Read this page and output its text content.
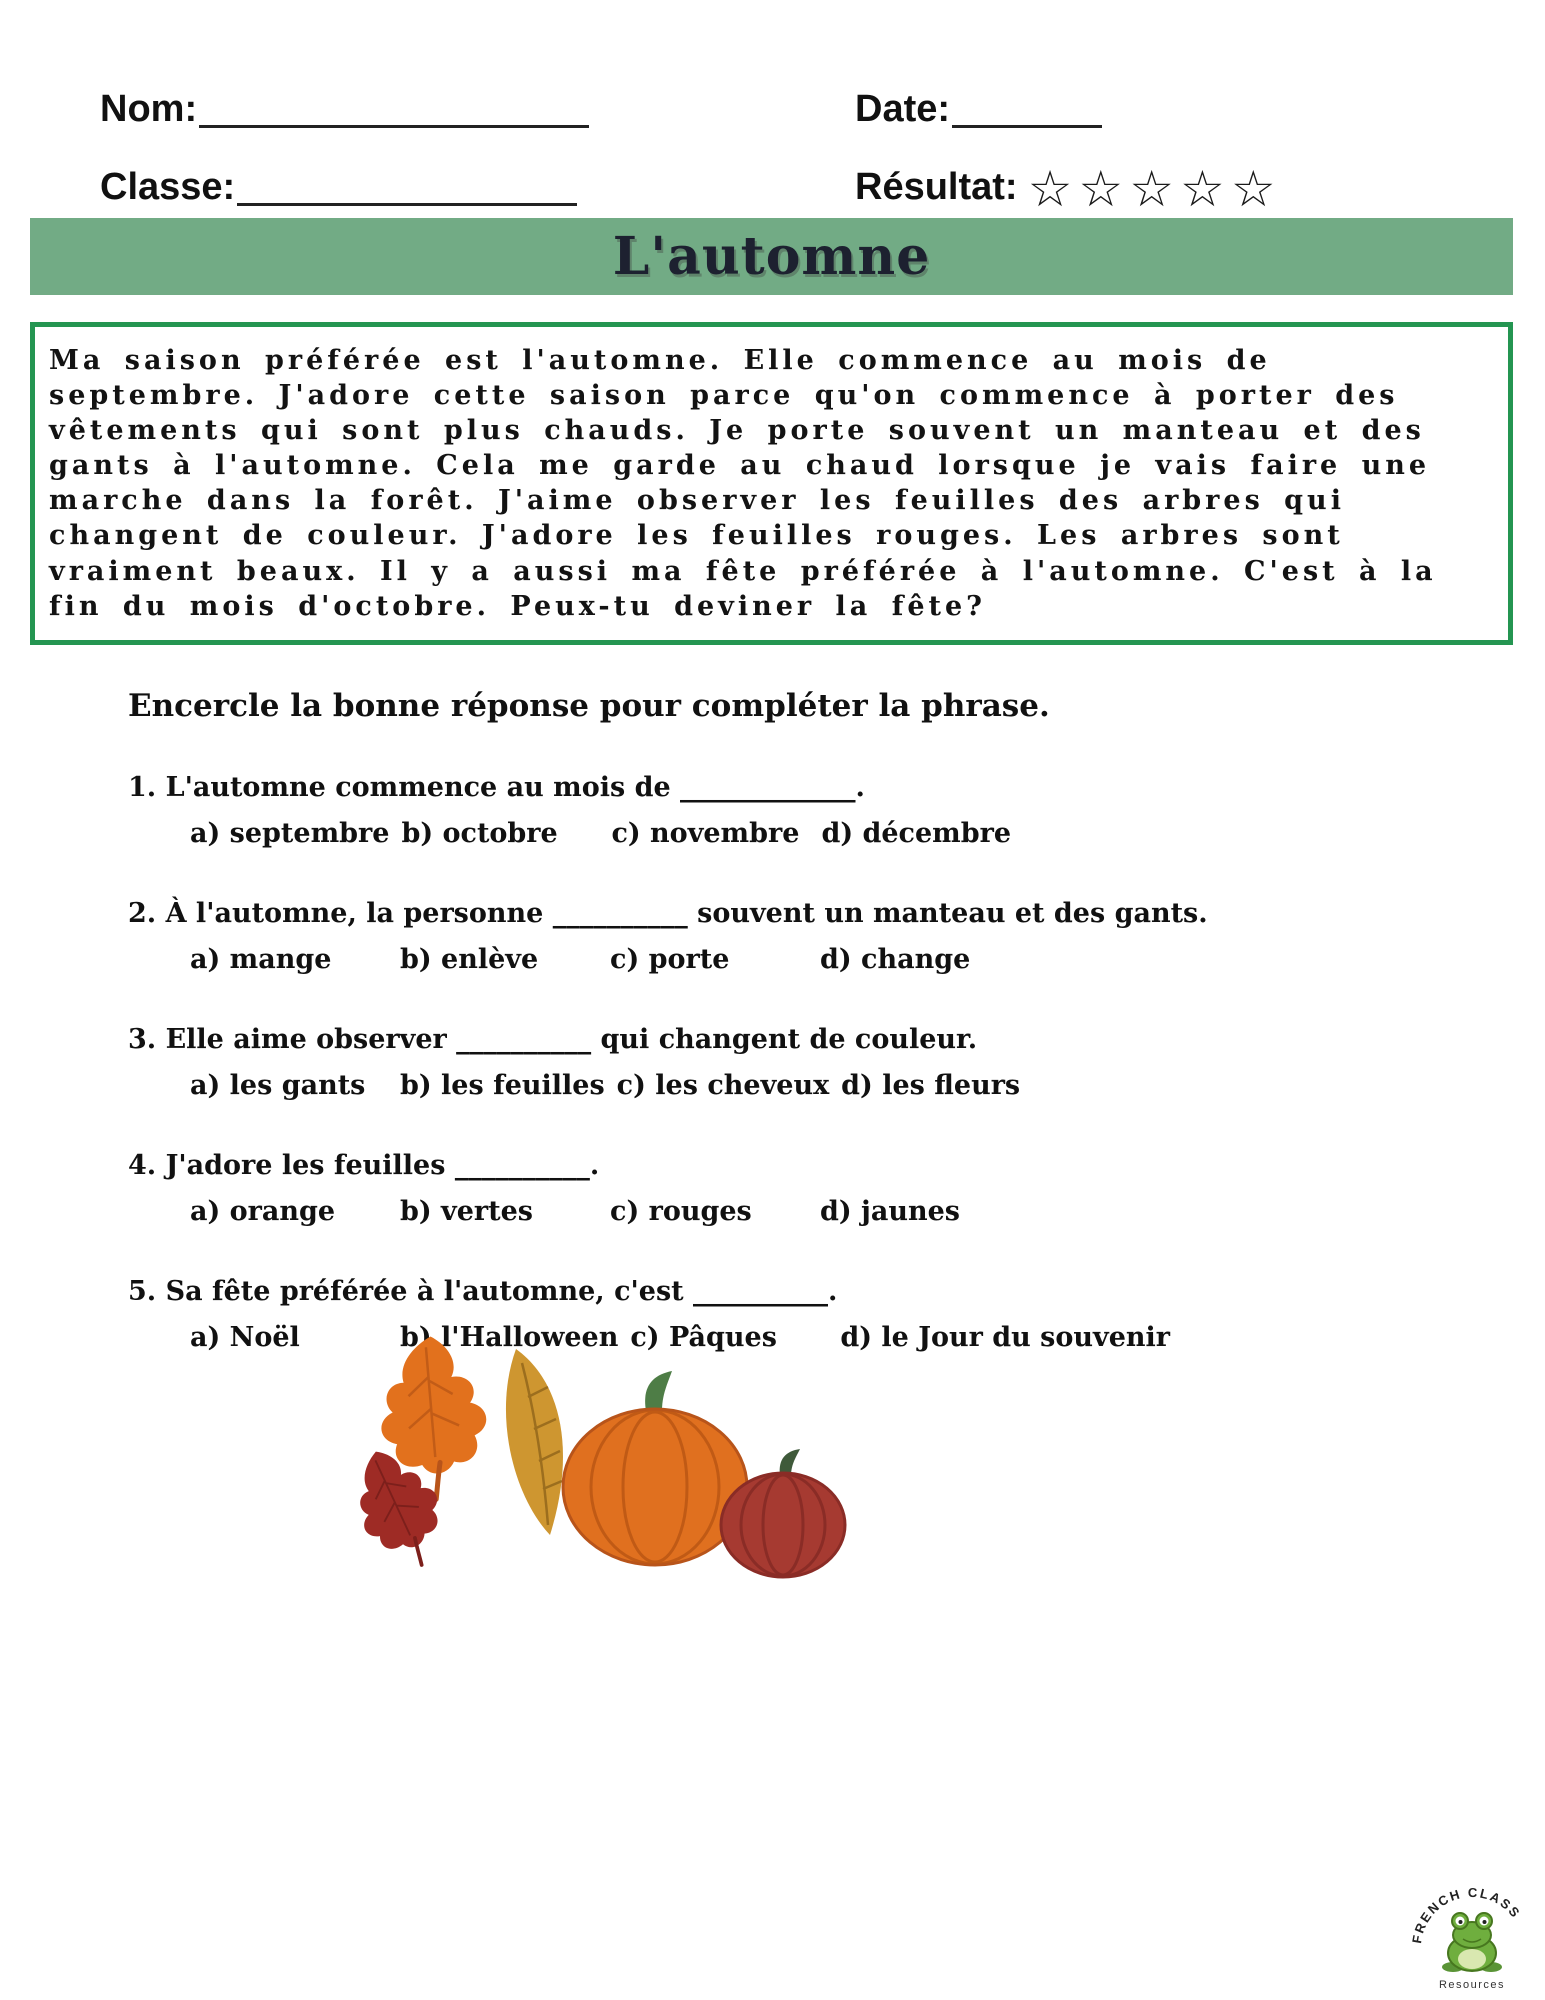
Nom:
Classe:
Date:
Résultat: ☆☆☆☆☆
L'automne

Ma saison préférée est l'automne. Elle commence au mois de septembre. J'adore cette saison parce qu'on commence à porter des vêtements qui sont plus chauds. Je porte souvent un manteau et des gants à l'automne. Cela me garde au chaud lorsque je vais faire une marche dans la forêt. J'aime observer les feuilles des arbres qui changent de couleur. J'adore les feuilles rouges. Les arbres sont vraiment beaux. Il y a aussi ma fête préférée à l'automne. C'est à la fin du mois d'octobre. Peux-tu deviner la fête?

Encercle la bonne réponse pour compléter la phrase.
1. L'automne commence au mois de _____________.
a) septembre b) octobre	c) novembre d) décembre
2. À l'automne, la personne __________ souvent un manteau et des gants.
a) mange	b) enlève	c) porte	d) change
3. Elle aime observer __________ qui changent de couleur.
a) les gants	b) les feuilles c) les cheveux d) les fleurs
4. J'adore les feuilles __________.
a) orange	b) vertes	c) rouges	d) jaunes
5. Sa fête préférée à l'automne, c'est __________.
a) Noël	b) l'Halloween c) Pâques	d) le Jour du souvenir
FRENCH CLASS
Resources
